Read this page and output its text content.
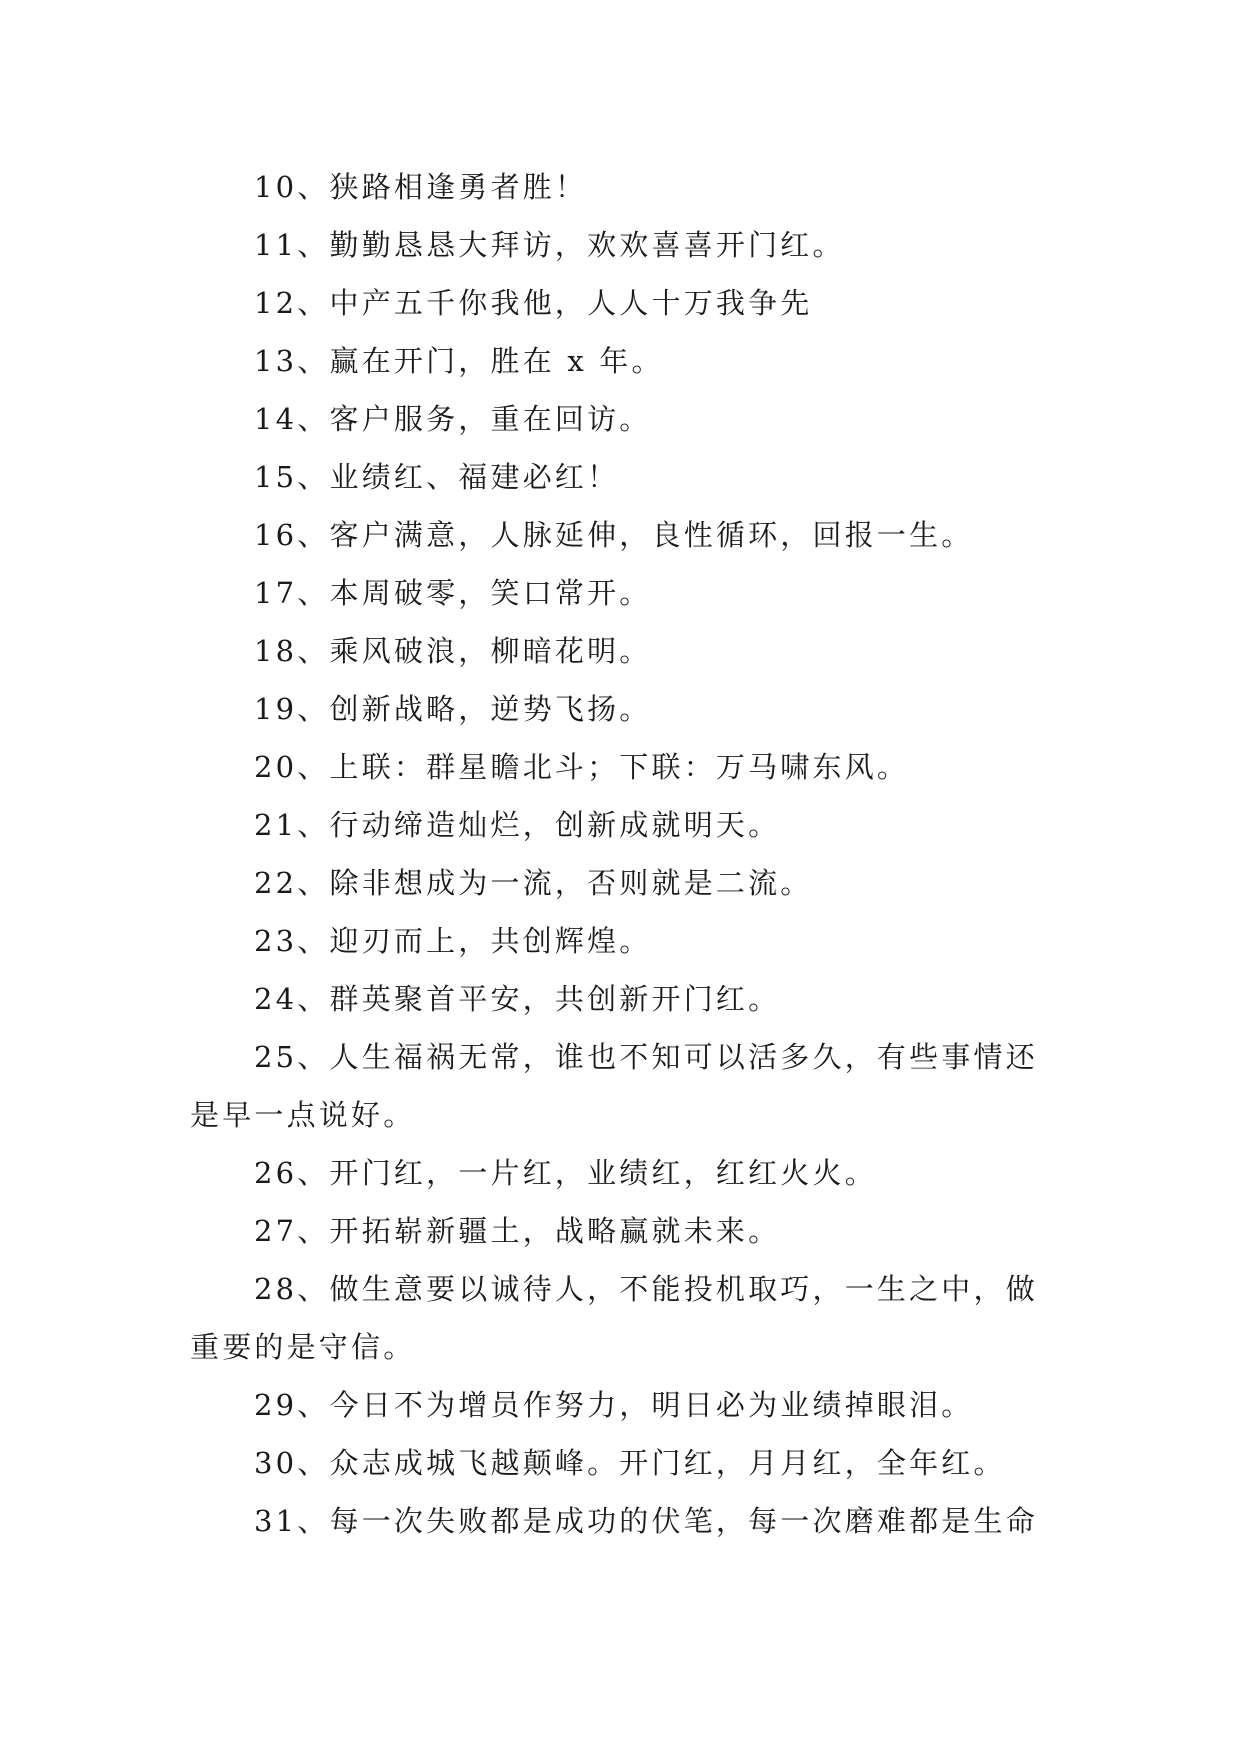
10、狭路相逢勇者胜！

11、勤勤恳恳大拜访，欢欢喜喜开门红。

12、中产五千你我他，人人十万我争先

13、赢在开门，胜在 x 年。

14、客户服务，重在回访。

15、业绩红、福建必红！

16、客户满意，人脉延伸，良性循环，回报一生。

17、本周破零，笑口常开。

18、乘风破浪，柳暗花明。

19、创新战略，逆势飞扬。

20、上联：群星瞻北斗；下联：万马啸东风。

21、行动缔造灿烂，创新成就明天。

22、除非想成为一流，否则就是二流。

23、迎刃而上，共创辉煌。

24、群英聚首平安，共创新开门红。

25、人生福祸无常，谁也不知可以活多久，有些事情还是早一点说好。

26、开门红，一片红，业绩红，红红火火。

27、开拓崭新疆土，战略赢就未来。

28、做生意要以诚待人，不能投机取巧，一生之中，做重要的是守信。

29、今日不为增员作努力，明日必为业绩掉眼泪。

30、众志成城飞越颠峰。开门红，月月红，全年红。

31、每一次失败都是成功的伏笔，每一次磨难都是生命
